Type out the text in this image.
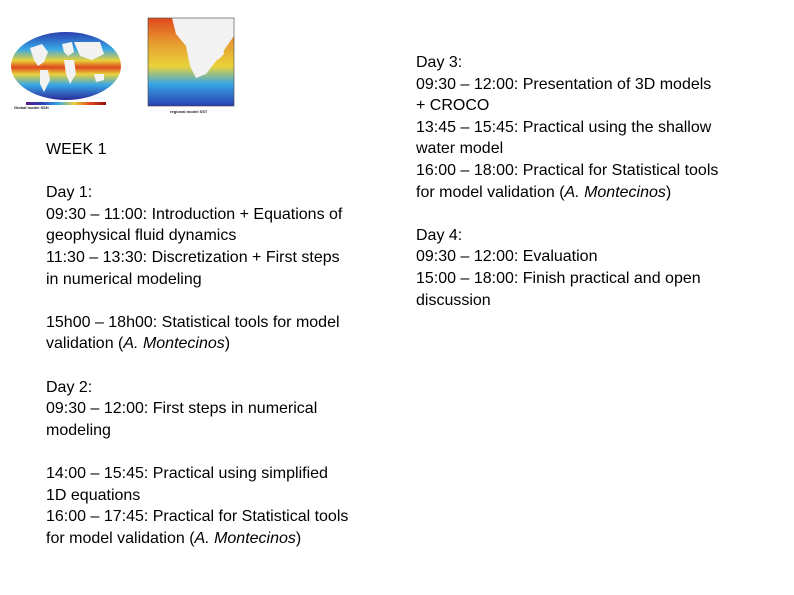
Global model SSH
regional model SST

WEEK 1

Day 1:

09:30 – 11:00: Introduction + Equations of

geophysical fluid dynamics

11:30 – 13:30: Discretization + First steps

in numerical modeling

15h00 – 18h00: Statistical tools for model

validation (A. Montecinos)

Day 2:

09:30 – 12:00: First steps in numerical

modeling

14:00 – 15:45: Practical using simplified

1D equations

16:00 – 17:45: Practical for Statistical tools

for model validation (A. Montecinos)

Day 3:

09:30 – 12:00: Presentation of 3D models

+ CROCO

13:45 – 15:45: Practical using the shallow

water model

16:00 – 18:00: Practical for Statistical tools

for model validation (A. Montecinos)

Day 4:

09:30 – 12:00: Evaluation

15:00 – 18:00: Finish practical and open

discussion
